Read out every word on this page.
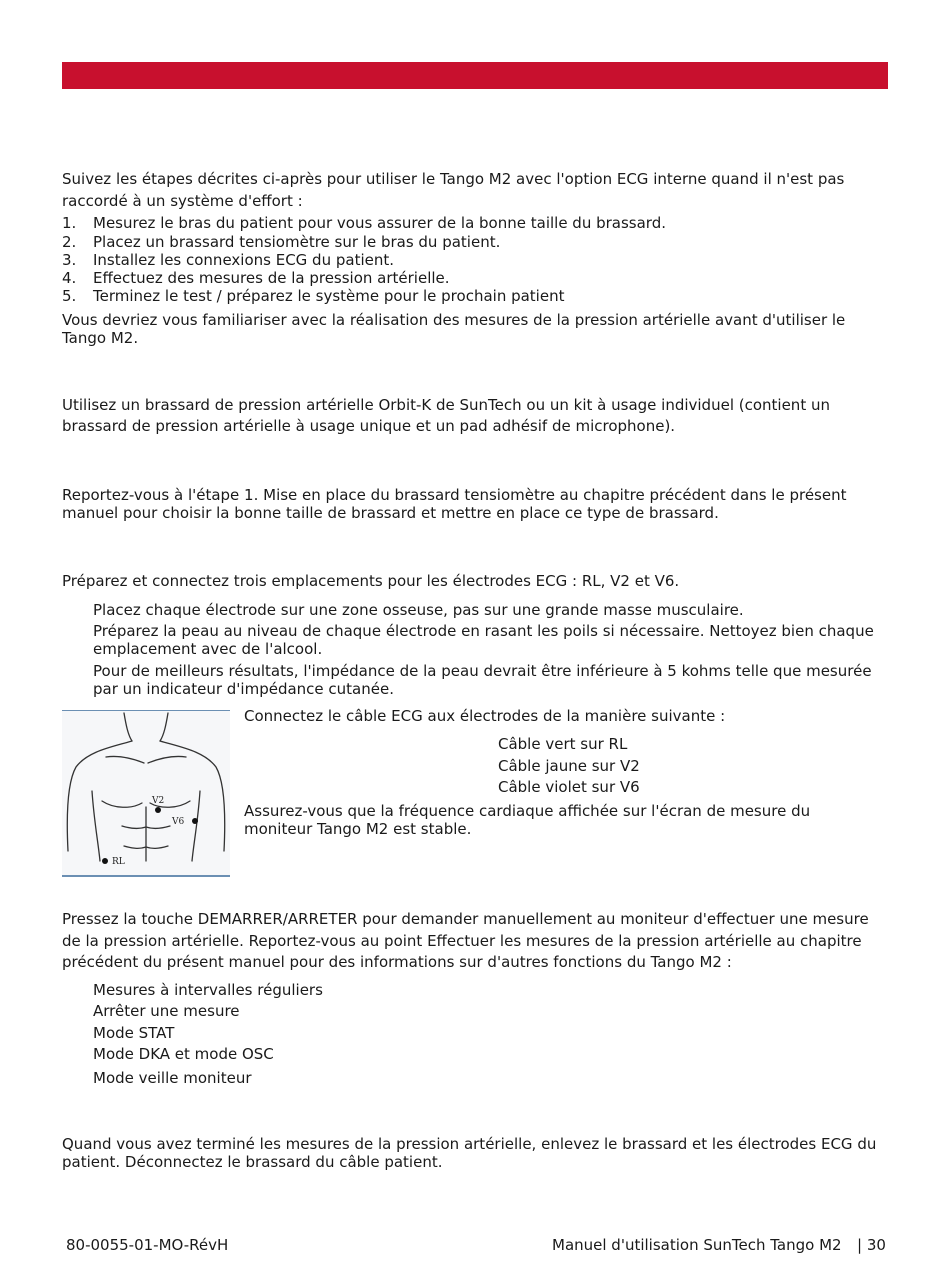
Suivez les étapes décrites ci-après pour utiliser le Tango M2 avec l'option ECG interne quand il n'est pas raccordé à un système d'effort :
1.	Mesurez le bras du patient pour vous assurer de la bonne taille du brassard.
2.	Placez un brassard tensiomètre sur le bras du patient.
3.	Installez les connexions ECG du patient.
4.	Effectuez des mesures de la pression artérielle.
5.	Terminez le test / préparez le système pour le prochain patient
Vous devriez vous familiariser avec la réalisation des mesures de la pression artérielle avant d'utiliser le Tango M2.
Utilisez un brassard de pression artérielle Orbit-K de SunTech ou un kit à usage individuel (contient un brassard de pression artérielle à usage unique et un pad adhésif de microphone).
Reportez-vous à l'étape 1. Mise en place du brassard tensiomètre au chapitre précédent dans le présent manuel pour choisir la bonne taille de brassard et mettre en place ce type de brassard.
Préparez et connectez trois emplacements pour les électrodes ECG : RL, V2 et V6.
Placez chaque électrode sur une zone osseuse, pas sur une grande masse musculaire.
Préparez la peau au niveau de chaque électrode en rasant les poils si nécessaire. Nettoyez bien chaque emplacement avec de l'alcool.
Pour de meilleurs résultats, l'impédance de la peau devrait être inférieure à 5 kohms telle que mesurée par un indicateur d'impédance cutanée.
V2
V6
RL
Connectez le câble ECG aux électrodes de la manière suivante :
Câble vert sur RL
Câble jaune sur V2
Câble violet sur V6
Assurez-vous que la fréquence cardiaque affichée sur l'écran de mesure du moniteur Tango M2 est stable.
Pressez la touche DEMARRER/ARRETER pour demander manuellement au moniteur d'effectuer une mesure de la pression artérielle. Reportez-vous au point Effectuer les mesures de la pression artérielle au chapitre précédent du présent manuel pour des informations sur d'autres fonctions du Tango M2 :
Mesures à intervalles réguliers
Arrêter une mesure
Mode STAT
Mode DKA et mode OSC
Mode veille moniteur
Quand vous avez terminé les mesures de la pression artérielle, enlevez le brassard et les électrodes ECG du patient. Déconnectez le brassard du câble patient.
80-0055-01-MO-RévH	Manuel d'utilisation SunTech Tango M2 | 30
